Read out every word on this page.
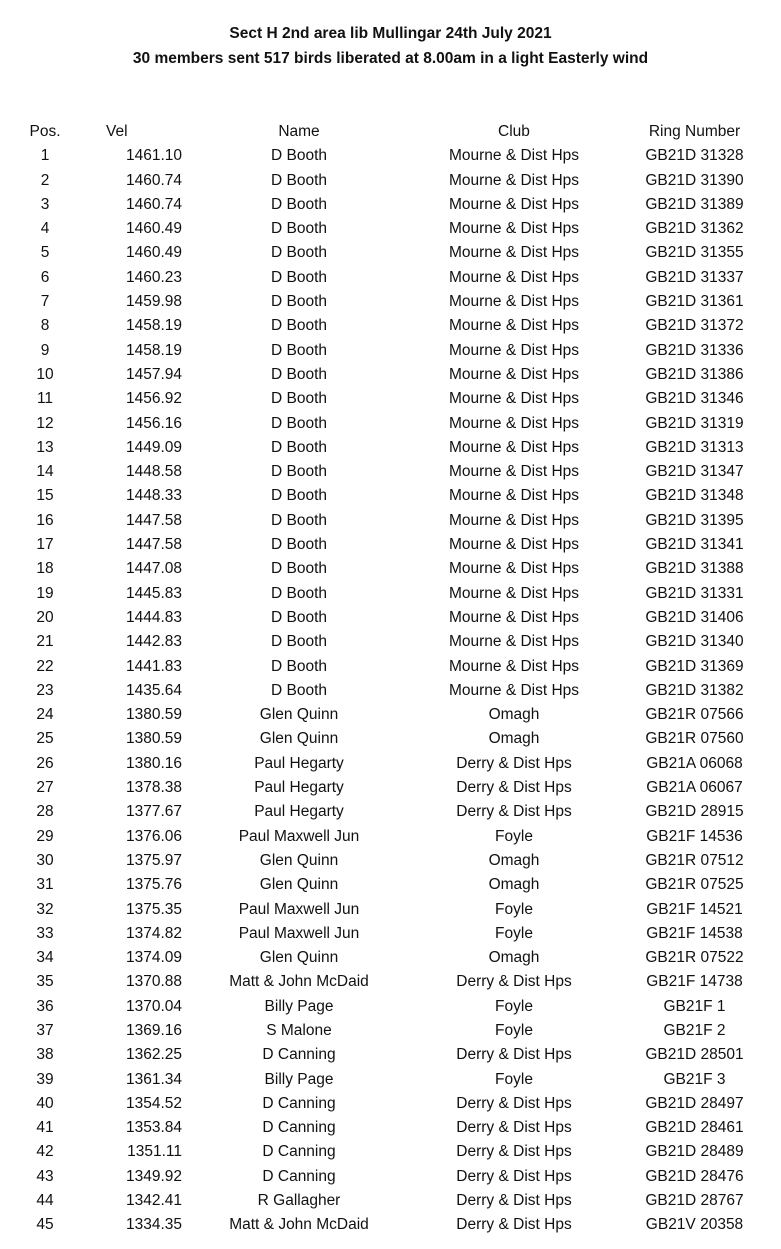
Sect H 2nd area lib Mullingar 24th July 2021
30 members sent 517 birds liberated at 8.00am in a light Easterly wind
Pos.	Vel	Name	Club	Ring Number
1	1461.10	D Booth	Mourne & Dist Hps	GB21D 31328
2	1460.74	D Booth	Mourne & Dist Hps	GB21D 31390
3	1460.74	D Booth	Mourne & Dist Hps	GB21D 31389
4	1460.49	D Booth	Mourne & Dist Hps	GB21D 31362
5	1460.49	D Booth	Mourne & Dist Hps	GB21D 31355
6	1460.23	D Booth	Mourne & Dist Hps	GB21D 31337
7	1459.98	D Booth	Mourne & Dist Hps	GB21D 31361
8	1458.19	D Booth	Mourne & Dist Hps	GB21D 31372
9	1458.19	D Booth	Mourne & Dist Hps	GB21D 31336
10	1457.94	D Booth	Mourne & Dist Hps	GB21D 31386
11	1456.92	D Booth	Mourne & Dist Hps	GB21D 31346
12	1456.16	D Booth	Mourne & Dist Hps	GB21D 31319
13	1449.09	D Booth	Mourne & Dist Hps	GB21D 31313
14	1448.58	D Booth	Mourne & Dist Hps	GB21D 31347
15	1448.33	D Booth	Mourne & Dist Hps	GB21D 31348
16	1447.58	D Booth	Mourne & Dist Hps	GB21D 31395
17	1447.58	D Booth	Mourne & Dist Hps	GB21D 31341
18	1447.08	D Booth	Mourne & Dist Hps	GB21D 31388
19	1445.83	D Booth	Mourne & Dist Hps	GB21D 31331
20	1444.83	D Booth	Mourne & Dist Hps	GB21D 31406
21	1442.83	D Booth	Mourne & Dist Hps	GB21D 31340
22	1441.83	D Booth	Mourne & Dist Hps	GB21D 31369
23	1435.64	D Booth	Mourne & Dist Hps	GB21D 31382
24	1380.59	Glen Quinn	Omagh	GB21R 07566
25	1380.59	Glen Quinn	Omagh	GB21R 07560
26	1380.16	Paul Hegarty	Derry & Dist Hps	GB21A 06068
27	1378.38	Paul Hegarty	Derry & Dist Hps	GB21A 06067
28	1377.67	Paul Hegarty	Derry & Dist Hps	GB21D 28915
29	1376.06	Paul Maxwell Jun	Foyle	GB21F 14536
30	1375.97	Glen Quinn	Omagh	GB21R 07512
31	1375.76	Glen Quinn	Omagh	GB21R 07525
32	1375.35	Paul Maxwell Jun	Foyle	GB21F 14521
33	1374.82	Paul Maxwell Jun	Foyle	GB21F 14538
34	1374.09	Glen Quinn	Omagh	GB21R 07522
35	1370.88	Matt & John McDaid	Derry & Dist Hps	GB21F 14738
36	1370.04	Billy Page	Foyle	GB21F 1
37	1369.16	S Malone	Foyle	GB21F 2
38	1362.25	D Canning	Derry & Dist Hps	GB21D 28501
39	1361.34	Billy Page	Foyle	GB21F 3
40	1354.52	D Canning	Derry & Dist Hps	GB21D 28497
41	1353.84	D Canning	Derry & Dist Hps	GB21D 28461
42	1351.11	D Canning	Derry & Dist Hps	GB21D 28489
43	1349.92	D Canning	Derry & Dist Hps	GB21D 28476
44	1342.41	R Gallagher	Derry & Dist Hps	GB21D 28767
45	1334.35	Matt & John McDaid	Derry & Dist Hps	GB21V 20358
